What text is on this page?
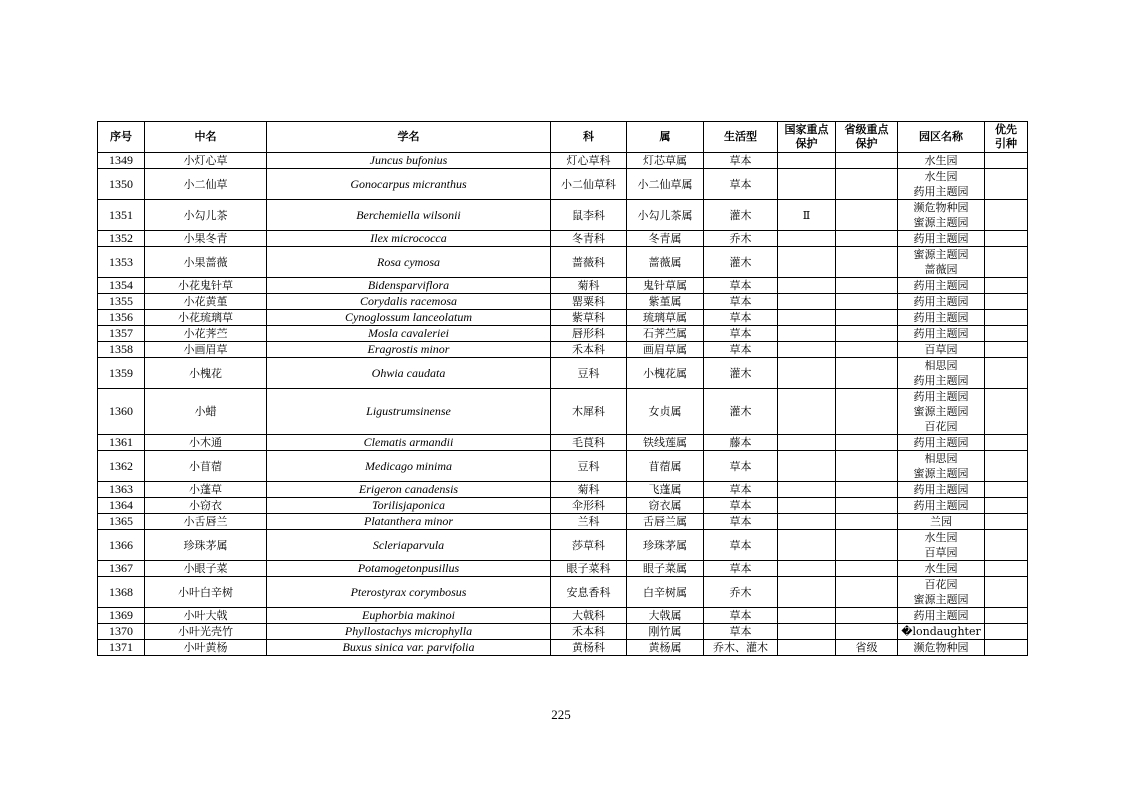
序号	中名	学名	科	属	生活型	国家重点保护	省级重点保护	园区名称	优先引种
1349	小灯心草	Juncus bufonius	灯心草科	灯芯草属	草本			水生园	

1350	小二仙草	Gonocarpus micranthus	小二仙草科	小二仙草属	草本			水生园
药用主题园	

1351	小勾儿茶	Berchemiella wilsonii	鼠李科	小勾儿茶属	灌木	Ⅱ		濒危物种园
蜜源主题园	

1352	小果冬青	Ilex micrococca	冬青科	冬青属	乔木			药用主题园	

1353	小果蔷薇	Rosa cymosa	蔷薇科	蔷薇属	灌木			蜜源主题园
蔷薇园	

1354	小花鬼针草	Bidensparviflora	菊科	鬼针草属	草本			药用主题园	

1355	小花黄堇	Corydalis racemosa	罂粟科	紫堇属	草本			药用主题园	

1356	小花琉璃草	Cynoglossum lanceolatum	紫草科	琉璃草属	草本			药用主题园	

1357	小花荠苎	Mosla cavaleriei	唇形科	石荠苎属	草本			药用主题园	

1358	小画眉草	Eragrostis minor	禾本科	画眉草属	草本			百草园	

1359	小槐花	Ohwia caudata	豆科	小槐花属	灌木			相思园
药用主题园	

1360	小蜡	Ligustrumsinense	木犀科	女贞属	灌木			药用主题园
蜜源主题园
百花园	

1361	小木通	Clematis armandii	毛茛科	铁线莲属	藤本			药用主题园	

1362	小苜蓿	Medicago minima	豆科	苜蓿属	草本			相思园
蜜源主题园	

1363	小蓬草	Erigeron canadensis	菊科	飞蓬属	草本			药用主题园	

1364	小窃衣	Torilisjaponica	伞形科	窃衣属	草本			药用主题园	

1365	小舌唇兰	Platanthera minor	兰科	舌唇兰属	草本			兰园	

1366	珍珠茅属	Scleriaparvula	莎草科	珍珠茅属	草本			水生园
百草园	

1367	小眼子菜	Potamogetonpusillus	眼子菜科	眼子菜属	草本			水生园	

1368	小叶白辛树	Pterostyrax corymbosus	安息香科	白辛树属	乔木			百花园
蜜源主题园	

1369	小叶大戟	Euphorbia makinoi	大戟科	大戟属	草本			药用主题园	

1370	小叶光壳竹	Phyllostachys microphylla	禾本科	刚竹属	草本			�londaughter	

1371	小叶黄杨	Buxus sinica var. parvifolia	黄杨科	黄杨属	乔木、灌木		省级	濒危物种园	

225
